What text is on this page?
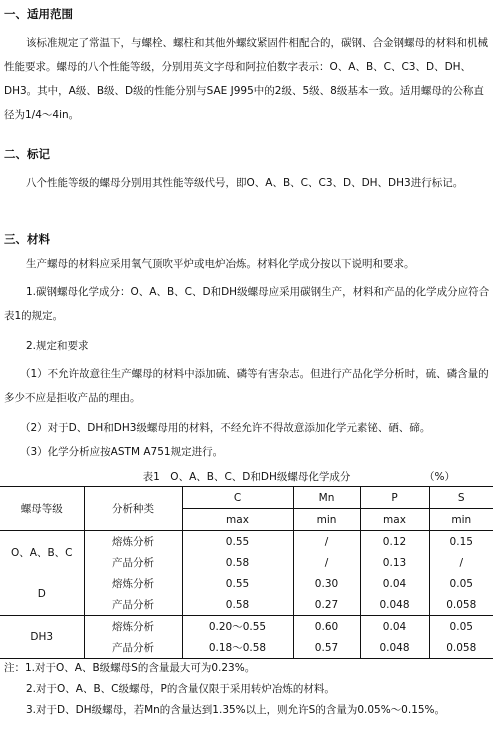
一、适用范围
该标准规定了常温下，与螺栓、螺柱和其他外螺纹紧固件相配合的，碳钢、合金钢螺母的材料和机械性能要求。螺母的八个性能等级，分别用英文字母和阿拉伯数字表示：O、A、B、C、C3、D、DH、DH3。其中，A级、B级、D级的性能分别与SAE J995中的2级、5级、8级基本一致。适用螺母的公称直径为1/4～4in。
二、标记
八个性能等级的螺母分别用其性能等级代号，即O、A、B、C、C3、D、DH、DH3进行标记。
三、材料
生产螺母的材料应采用氧气顶吹平炉或电炉冶炼。材料化学成分按以下说明和要求。
1.碳钢螺母化学成分：O、A、B、C、D和DH级螺母应采用碳钢生产，材料和产品的化学成分应符合表1的规定。
2.规定和要求
（1）不允许故意往生产螺母的材料中添加硫、磷等有害杂志。但进行产品化学分析时，硫、磷含量的多少不应是拒收产品的理由。
（2）对于D、DH和DH3级螺母用的材料，不经允许不得故意添加化学元素铋、硒、碲。
（3）化学分析应按ASTM A751规定进行。
表1　O、A、B、C、D和DH级螺母化学成分	（%）
螺母等级	分析种类	C	Mn	P	S
		max	min	max	min
O、A、B、C	熔炼分析	0.55	/	0.12	0.15
	产品分析	0.58	/	0.13	/
D	熔炼分析	0.55	0.30	0.04	0.05
	产品分析	0.58	0.27	0.048	0.058
DH3	熔炼分析	0.20～0.55	0.60	0.04	0.05
	产品分析	0.18～0.58	0.57	0.048	0.058
注：1.对于O、A、B级螺母S的含量最大可为0.23%。
2.对于O、A、B、C级螺母，P的含量仅限于采用转炉冶炼的材料。
3.对于D、DH级螺母，若Mn的含量达到1.35%以上，则允许S的含量为0.05%～0.15%。
